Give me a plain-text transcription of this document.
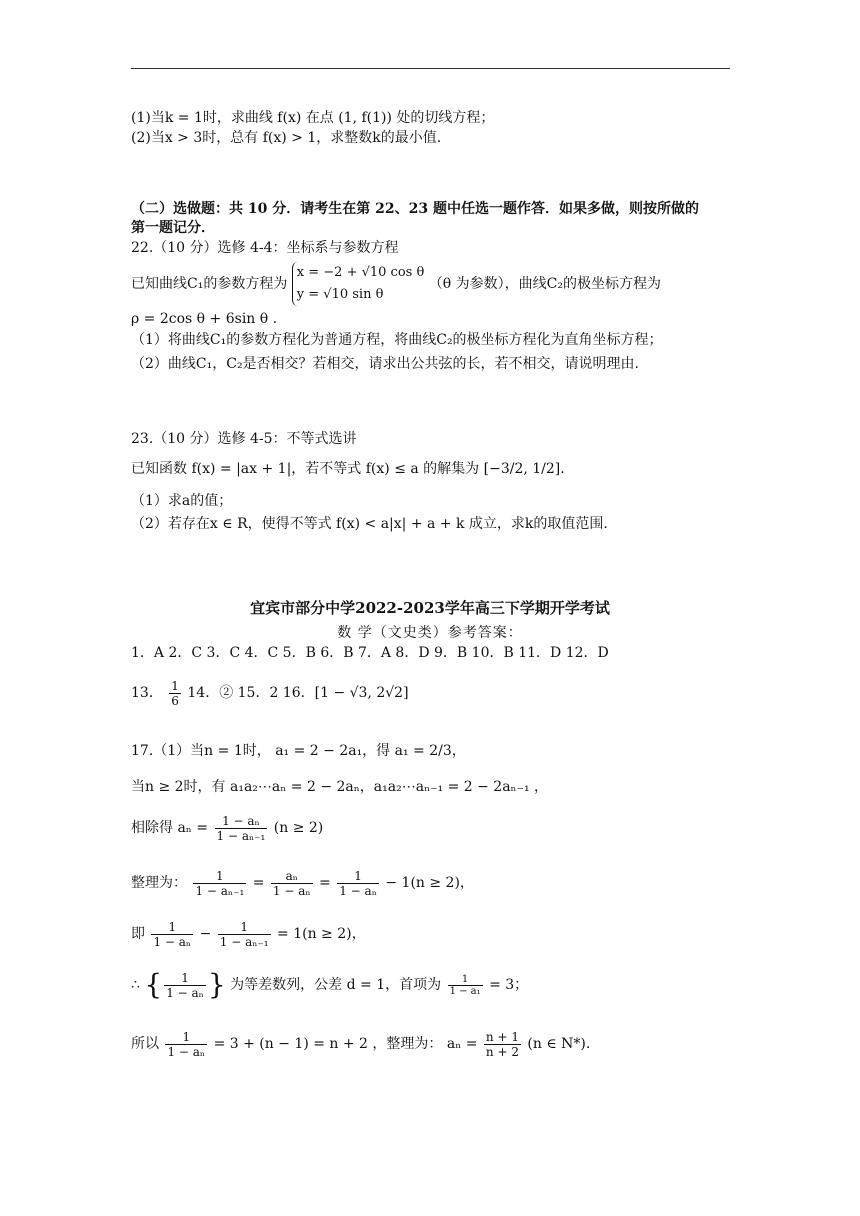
(1)当k = 1时，求曲线 f(x) 在点 (1, f(1)) 处的切线方程；
(2)当x > 3时，总有 f(x) > 1，求整数k的最小值.
（二）选做题：共 10 分．请考生在第 22、23 题中任选一题作答．如果多做，则按所做的
第一题记分．
22.（10 分）选修 4-4：坐标系与参数方程
已知曲线C₁的参数方程为
x = −2 + √10 cos θ
y = √10 sin θ
（θ 为参数），曲线C₂的极坐标方程为
ρ = 2cos θ + 6sin θ .
（1）将曲线C₁的参数方程化为普通方程，将曲线C₂的极坐标方程化为直角坐标方程；
（2）曲线C₁，C₂是否相交？若相交，请求出公共弦的长，若不相交，请说明理由.
23.（10 分）选修 4-5：不等式选讲
已知函数 f(x) = |ax + 1|，若不等式 f(x) ≤ a 的解集为 [−3/2, 1/2].
（1）求a的值；
（2）若存在x ∈ R，使得不等式 f(x) < a|x| + a + k 成立，求k的取值范围.
宜宾市部分中学2022-2023学年高三下学期开学考试
数 学（文史类）参考答案：
1．A 2．C 3．C 4．C 5．B 6．B 7．A 8．D 9．B 10．B 11．D 12．D
13． $\frac{1}{6} 14$．② 15．2 16．[1 − √3, 2√2]
17.（1）当n = 1时， a₁ = 2 − 2a₁，得 a₁ = 2/3，
当n ≥ 2时，有 a₁a₂⋯aₙ = 2 − 2aₙ，a₁a₂⋯aₙ₋₁ = 2 − 2aₙ₋₁ ，
相除得 $a_n = \frac{\text{1 − aₙ}}{\text{1 − aₙ₋₁}} (n \ge 2)$
整理为： $\frac{1}{\text{1 − aₙ₋₁}} = \frac{\text{aₙ}}{\text{1 − aₙ}} = \frac{1}{\text{1 − aₙ}} - 1(n \ge 2)$，
即 $\frac{1}{\text{1 − aₙ}} - \frac{1}{\text{1 − aₙ₋₁}} = 1(n \ge 2)$，
∴ { $\frac{1}{\text{1 − aₙ}}$ } 为等差数列，公差 d = 1，首项为 $\frac{1}{\text{1 − a₁}} = 3$；
所以 $\frac{1}{\text{1 − aₙ}} = 3 + (n - 1) = n + 2$ ，整理为： $a_n = \frac{n + 1}{n + 2} (n$ ∈ N*).
